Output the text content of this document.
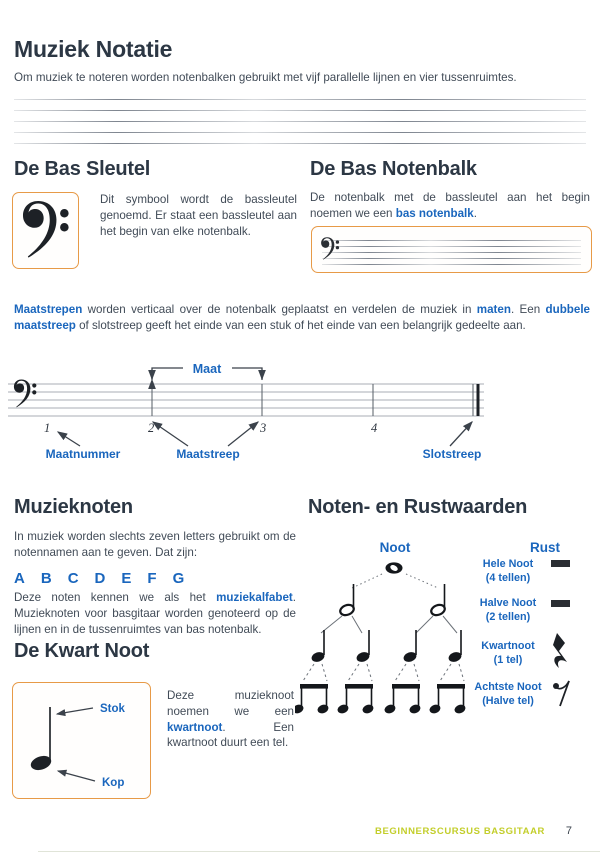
Muziek Notatie
Om muziek te noteren worden notenbalken gebruikt met vijf parallelle lijnen en vier tussenruimtes.
De Bas Sleutel
Dit symbool wordt de bassleutel genoemd. Er staat een bassleutel aan het begin van elke notenbalk.
De Bas Notenbalk
De notenbalk met de bassleutel aan het begin noemen we een bas notenbalk.
Maatstrepen worden verticaal over de notenbalk geplaatst en verdelen de muziek in maten. Een dubbele maatstreep of slotstreep geeft het einde van een stuk of het einde van een belangrijk gedeelte aan.
Maat
1	2	3	4
Maatnummer	Maatstreep	Slotstreep
Muzieknoten
In muziek worden slechts zeven letters gebruikt om de notennamen aan te geven. Dat zijn:
A B C D E F G
Deze noten kennen we als het muziekalfabet. Muzieknoten voor basgitaar worden genoteerd op de lijnen en in de tussenruimtes van bas notenbalk.
De Kwart Noot
Stok
Kop
Deze muzieknoot noemen we een kwartnoot. Een kwartnoot duurt een tel.
Noten- en Rustwaarden
Noot	Rust
Hele Noot
(4 tellen)
Halve Noot
(2 tellen)
Kwartnoot
(1 tel)
Achtste Noot
(Halve tel)
BEGINNERSCURSUS BASGITAAR 7
